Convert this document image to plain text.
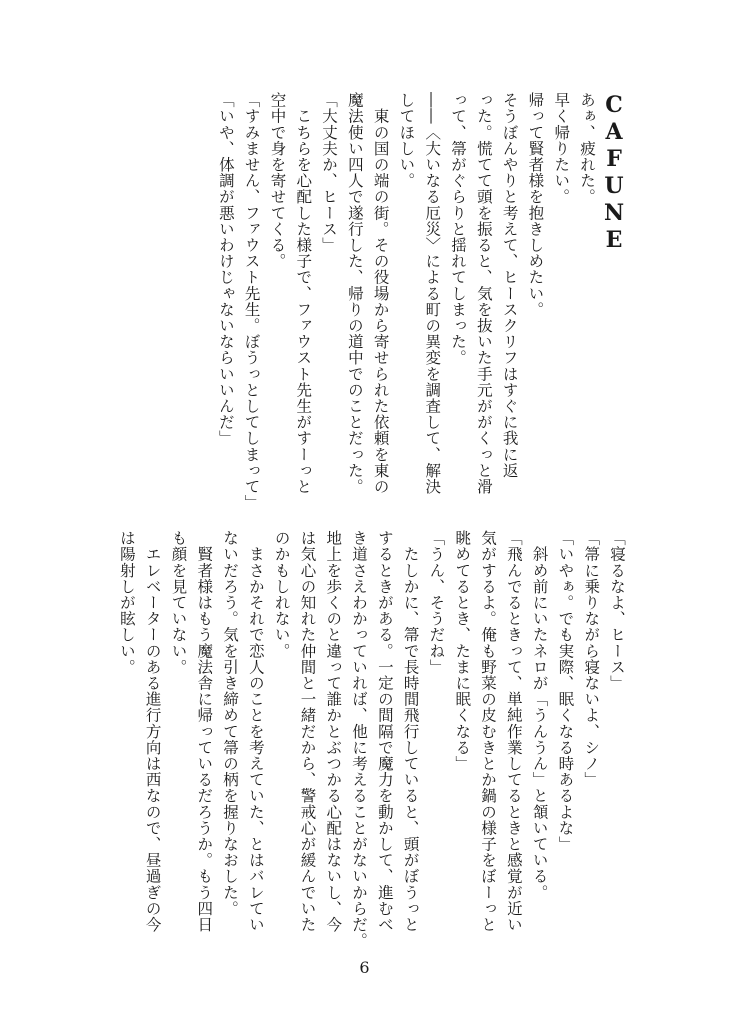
CAFUNE
あぁ、疲れた。
早く帰りたい。
帰って賢者様を抱きしめたい。
そうぼんやりと考えて、ヒースクリフはすぐに我に返
った。慌てて頭を振ると、気を抜いた手元ががくっと滑
って、箒がぐらりと揺れてしまった。
――〈大いなる厄災〉による町の異変を調査して、解決
してほしい。
　東の国の端の街。その役場から寄せられた依頼を東の
魔法使い四人で遂行した、帰りの道中でのことだった。
「大丈夫か、ヒース」
　こちらを心配した様子で、ファウスト先生がすーっと
空中で身を寄せてくる。
「すみません、ファウスト先生。ぼうっとしてしまって」
「いや、体調が悪いわけじゃないならいいんだ」
「寝るなよ、ヒース」
「箒に乗りながら寝ないよ、シノ」
「いやぁ。でも実際、眠くなる時あるよな」
　斜め前にいたネロが「うんうん」と頷いている。
「飛んでるときって、単純作業してるときと感覚が近い
気がするよ。俺も野菜の皮むきとか鍋の様子をぼーっと
眺めてるとき、たまに眠くなる」
「うん、そうだね」
　たしかに、箒で長時間飛行していると、頭がぼうっと
するときがある。一定の間隔で魔力を動かして、進むべ
き道さえわかっていれば、他に考えることがないからだ。
地上を歩くのと違って誰かとぶつかる心配はないし、今
は気心の知れた仲間と一緒だから、警戒心が緩んでいた
のかもしれない。
　まさかそれで恋人のことを考えていた、とはバレてい
ないだろう。気を引き締めて箒の柄を握りなおした。
　賢者様はもう魔法舎に帰っているだろうか。もう四日
も顔を見ていない。
　エレベーターのある進行方向は西なので、昼過ぎの今
は陽射しが眩しい。
6
